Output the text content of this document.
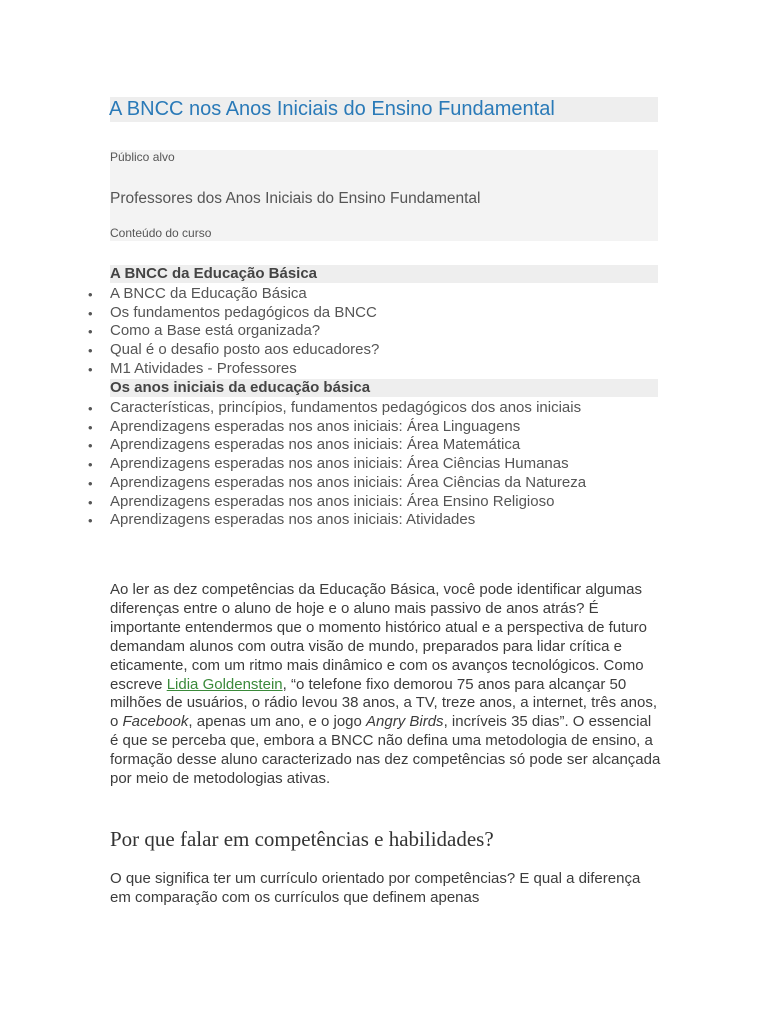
A BNCC nos Anos Iniciais do Ensino Fundamental
Público alvo
Professores dos Anos Iniciais do Ensino Fundamental
Conteúdo do curso
A BNCC da Educação Básica
•	A BNCC da Educação Básica
•	Os fundamentos pedagógicos da BNCC
•	Como a Base está organizada?
•	Qual é o desafio posto aos educadores?
•	M1 Atividades - Professores
Os anos iniciais da educação básica
•	Características, princípios, fundamentos pedagógicos dos anos iniciais
•	Aprendizagens esperadas nos anos iniciais: Área Linguagens
•	Aprendizagens esperadas nos anos iniciais: Área Matemática
•	Aprendizagens esperadas nos anos iniciais: Área Ciências Humanas
•	Aprendizagens esperadas nos anos iniciais: Área Ciências da Natureza
•	Aprendizagens esperadas nos anos iniciais: Área Ensino Religioso
•	Aprendizagens esperadas nos anos iniciais: Atividades

Ao ler as dez competências da Educação Básica, você pode identificar algumas diferenças entre o aluno de hoje e o aluno mais passivo de anos atrás? É importante entendermos que o momento histórico atual e a perspectiva de futuro demandam alunos com outra visão de mundo, preparados para lidar crítica e eticamente, com um ritmo mais dinâmico e com os avanços tecnológicos. Como escreve Lidia Goldenstein, “o telefone fixo demorou 75 anos para alcançar 50 milhões de usuários, o rádio levou 38 anos, a TV, treze anos, a internet, três anos, o Facebook, apenas um ano, e o jogo Angry Birds, incríveis 35 dias”. O essencial é que se perceba que, embora a BNCC não defina uma metodologia de ensino, a formação desse aluno caracterizado nas dez competências só pode ser alcançada por meio de metodologias ativas.

Por que falar em competências e habilidades?

O que significa ter um currículo orientado por competências? E qual a diferença em comparação com os currículos que definem apenas
